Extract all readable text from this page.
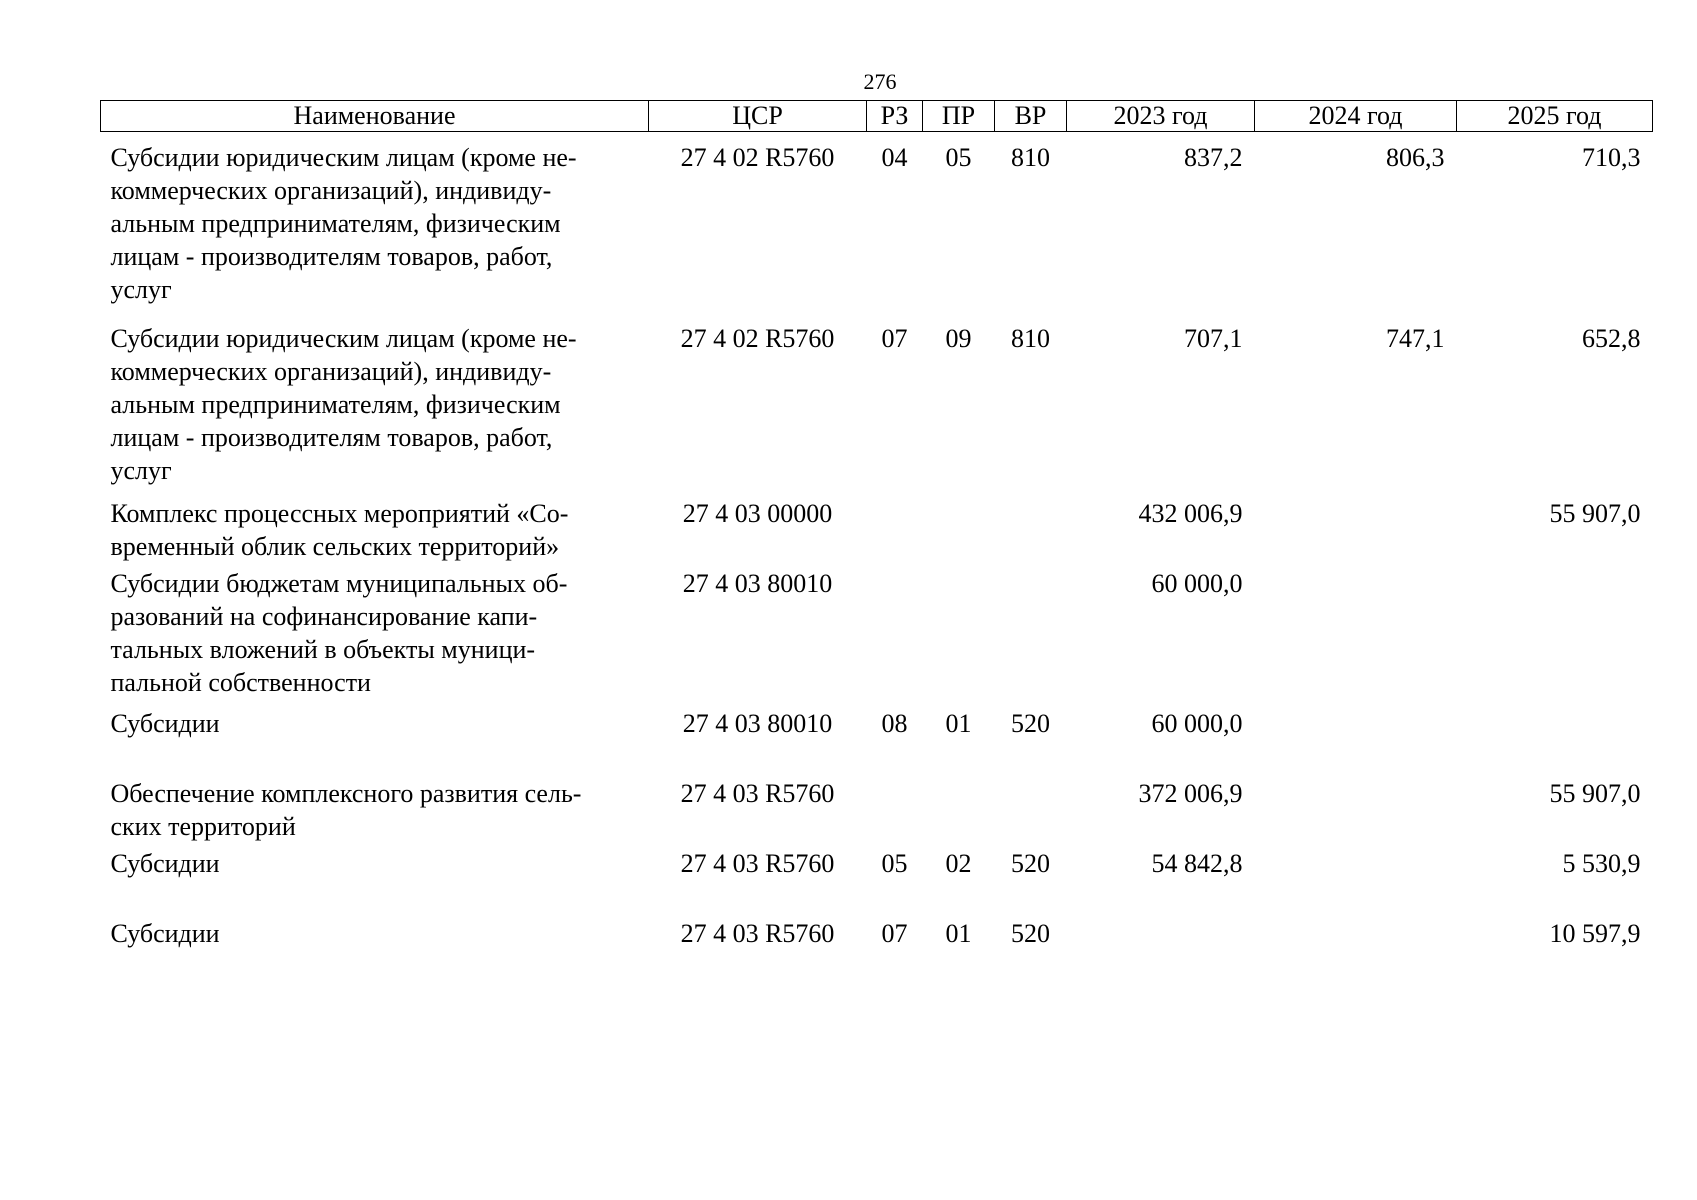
276
Наименование	ЦСР	РЗ	ПР	ВР	2023 год	2024 год	2025 год

Субсидии юридическим лицам (кроме не-
коммерческих организаций), индивиду-
альным предпринимателям, физическим
лицам - производителям товаров, работ,
услуг	27 4 02 R5760	04	05	810	837,2	806,3	710,3

Субсидии юридическим лицам (кроме не-
коммерческих организаций), индивиду-
альным предпринимателям, физическим
лицам - производителям товаров, работ,
услуг	27 4 02 R5760	07	09	810	707,1	747,1	652,8

Комплекс процессных мероприятий «Со-
временный облик сельских территорий»	27 4 03 00000				432 006,9		55 907,0

Субсидии бюджетам муниципальных об-
разований на софинансирование капи-
тальных вложений в объекты муници-
пальной собственности	27 4 03 80010				60 000,0		

Субсидии	27 4 03 80010	08	01	520	60 000,0		

Обеспечение комплексного развития сель-
ских территорий	27 4 03 R5760				372 006,9		55 907,0

Субсидии	27 4 03 R5760	05	02	520	54 842,8		5 530,9

Субсидии	27 4 03 R5760	07	01	520			10 597,9
